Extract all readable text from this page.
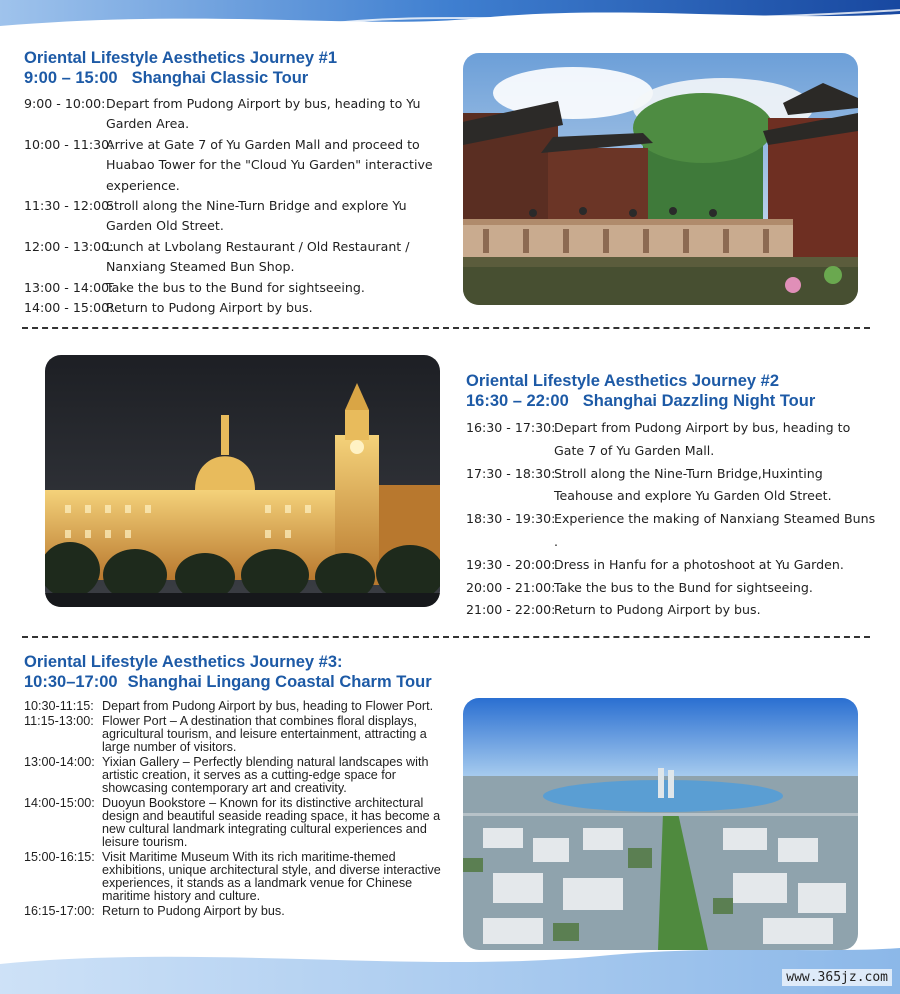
Oriental Lifestyle Aesthetics Journey #1
9:00 – 15:00 Shanghai Classic Tour
9:00 - 10:00: Depart from Pudong Airport by bus, heading to Yu Garden Area.
10:00 - 11:30:
Arrive at Gate 7 of Yu Garden Mall and proceed to Huabao Tower for the "Cloud Yu Garden" interactive experience.
11:30 - 12:00:
Stroll along the Nine-Turn Bridge and explore Yu Garden Old Street.
12:00 - 13:00:
Lunch at Lvbolang Restaurant / Old Restaurant / Nanxiang Steamed Bun Shop.
13:00 - 14:00:
Take the bus to the Bund for sightseeing.
14:00 - 15:00:
Return to Pudong Airport by bus.
Oriental Lifestyle Aesthetics Journey #2
16:30 – 22:00 Shanghai Dazzling Night Tour
16:30 - 17:30:
Depart from Pudong Airport by bus, heading to Gate 7 of Yu Garden Mall.
17:30 - 18:30:
Stroll along the Nine-Turn Bridge,Huxinting Teahouse and explore Yu Garden Old Street.
18:30 - 19:30:
Experience the making of Nanxiang Steamed Buns .
19:30 - 20:00:
Dress in Hanfu for a photoshoot at Yu Garden.
20:00 - 21:00:
Take the bus to the Bund for sightseeing.
21:00 - 22:00:
Return to Pudong Airport by bus.
Oriental Lifestyle Aesthetics Journey #3:
10:30–17:00 Shanghai Lingang Coastal Charm Tour
10:30-11:15: Depart from Pudong Airport by bus, heading to Flower Port.
11:15-13:00: Flower Port – A destination that combines floral displays, agricultural tourism, and leisure entertainment, attracting a large number of visitors.
13:00-14:00: Yixian Gallery – Perfectly blending natural landscapes with artistic creation, it serves as a cutting-edge space for showcasing contemporary art and creativity.
14:00-15:00: Duoyun Bookstore – Known for its distinctive architectural design and beautiful seaside reading space, it has become a new cultural landmark integrating cultural experiences and leisure tourism.
15:00-16:15: Visit Maritime Museum With its rich maritime-themed exhibitions, unique architectural style, and diverse interactive experiences, it stands as a landmark venue for Chinese maritime history and culture.
16:15-17:00: Return to Pudong Airport by bus.
www.365jz.com
